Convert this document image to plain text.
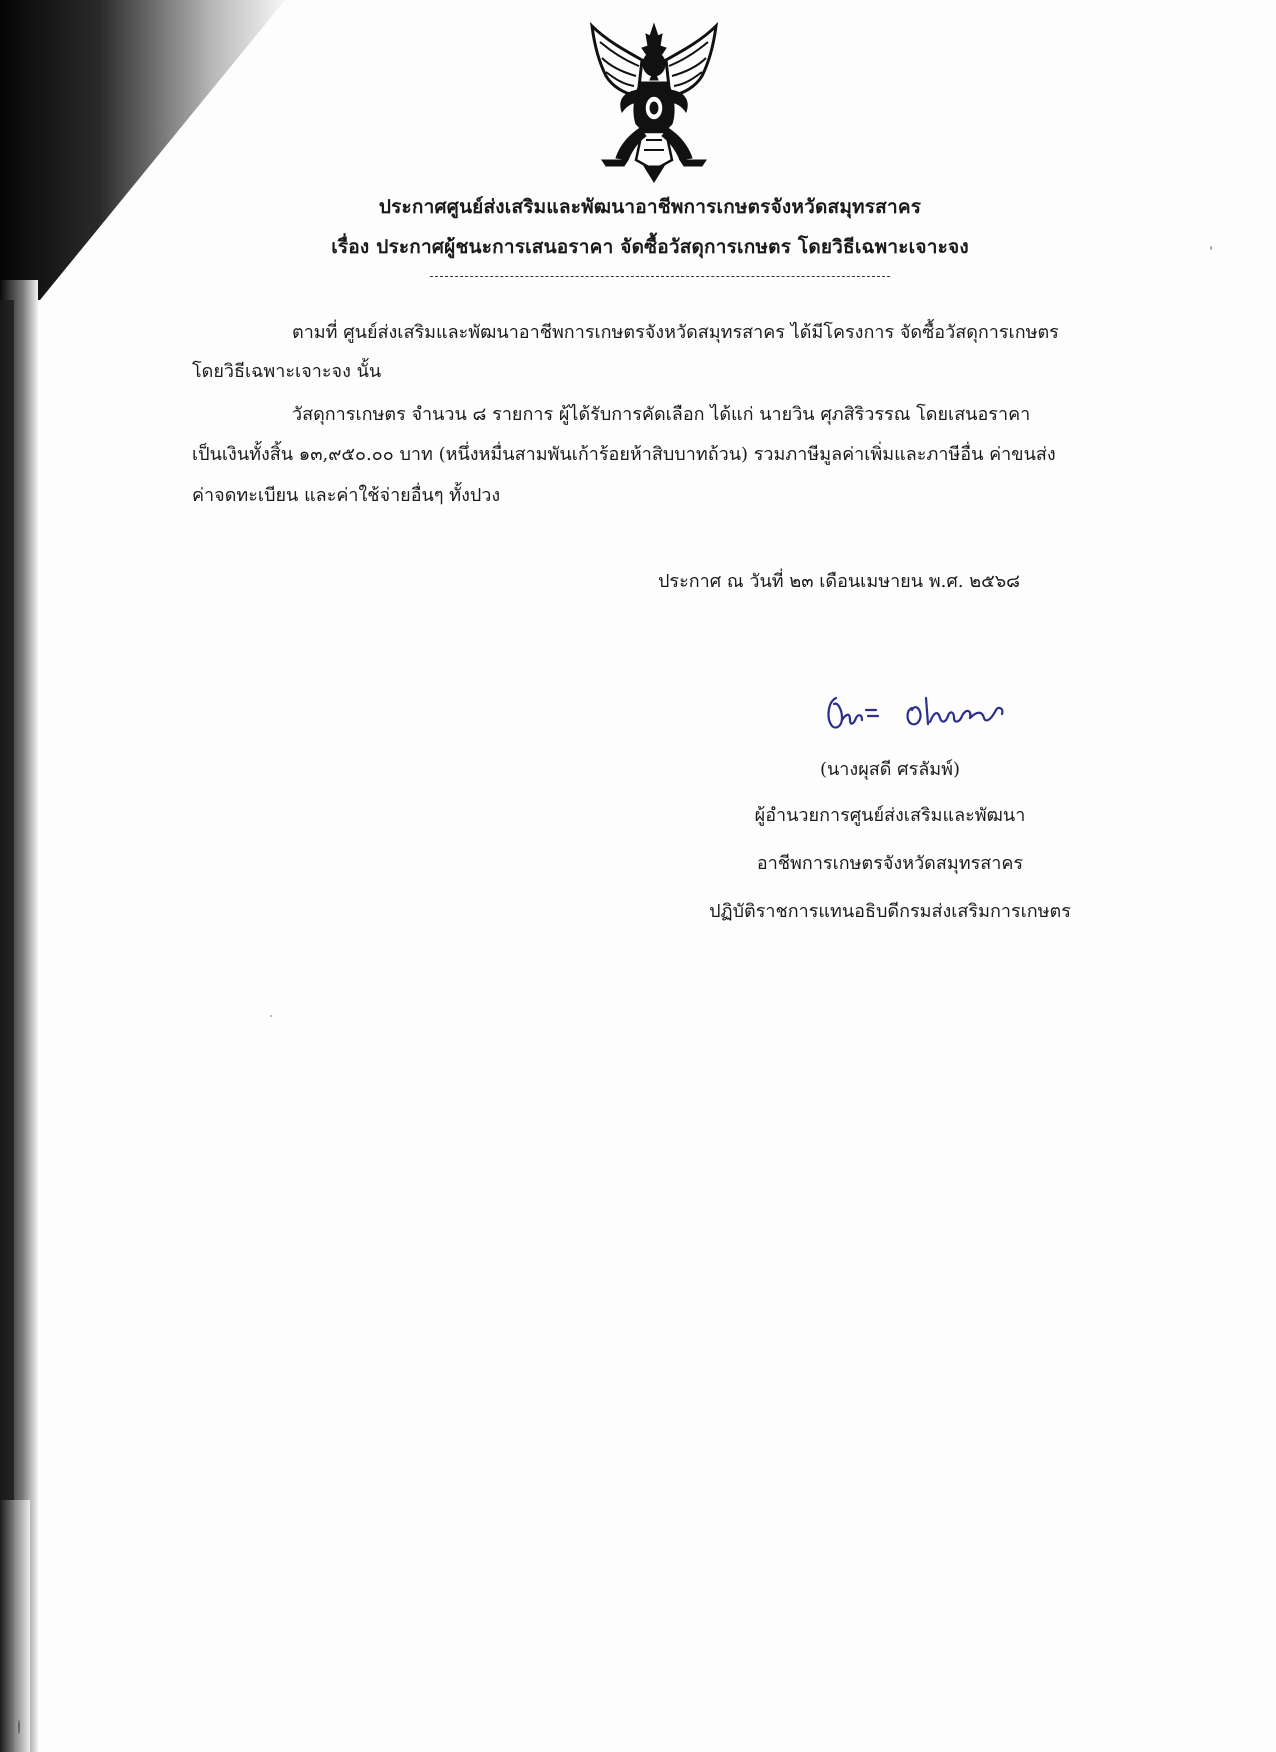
ประกาศศูนย์ส่งเสริมและพัฒนาอาชีพการเกษตรจังหวัดสมุทรสาคร
เรื่อง ประกาศผู้ชนะการเสนอราคา จัดซื้อวัสดุการเกษตร โดยวิธีเฉพาะเจาะจง
ตามที่ ศูนย์ส่งเสริมและพัฒนาอาชีพการเกษตรจังหวัดสมุทรสาคร ได้มีโครงการ จัดซื้อวัสดุการเกษตร
โดยวิธีเฉพาะเจาะจง นั้น
วัสดุการเกษตร จำนวน ๘ รายการ ผู้ได้รับการคัดเลือก ได้แก่ นายวิน ศุภสิริวรรณ โดยเสนอราคา
เป็นเงินทั้งสิ้น ๑๓,๙๕๐.๐๐ บาท (หนึ่งหมื่นสามพันเก้าร้อยห้าสิบบาทถ้วน) รวมภาษีมูลค่าเพิ่มและภาษีอื่น ค่าขนส่ง
ค่าจดทะเบียน และค่าใช้จ่ายอื่นๆ ทั้งปวง
ประกาศ ณ วันที่ ๒๓ เดือนเมษายน พ.ศ. ๒๕๖๘
(นางผุสดี ศรลัมพ์)
ผู้อำนวยการศูนย์ส่งเสริมและพัฒนา
อาชีพการเกษตรจังหวัดสมุทรสาคร
ปฏิบัติราชการแทนอธิบดีกรมส่งเสริมการเกษตร
